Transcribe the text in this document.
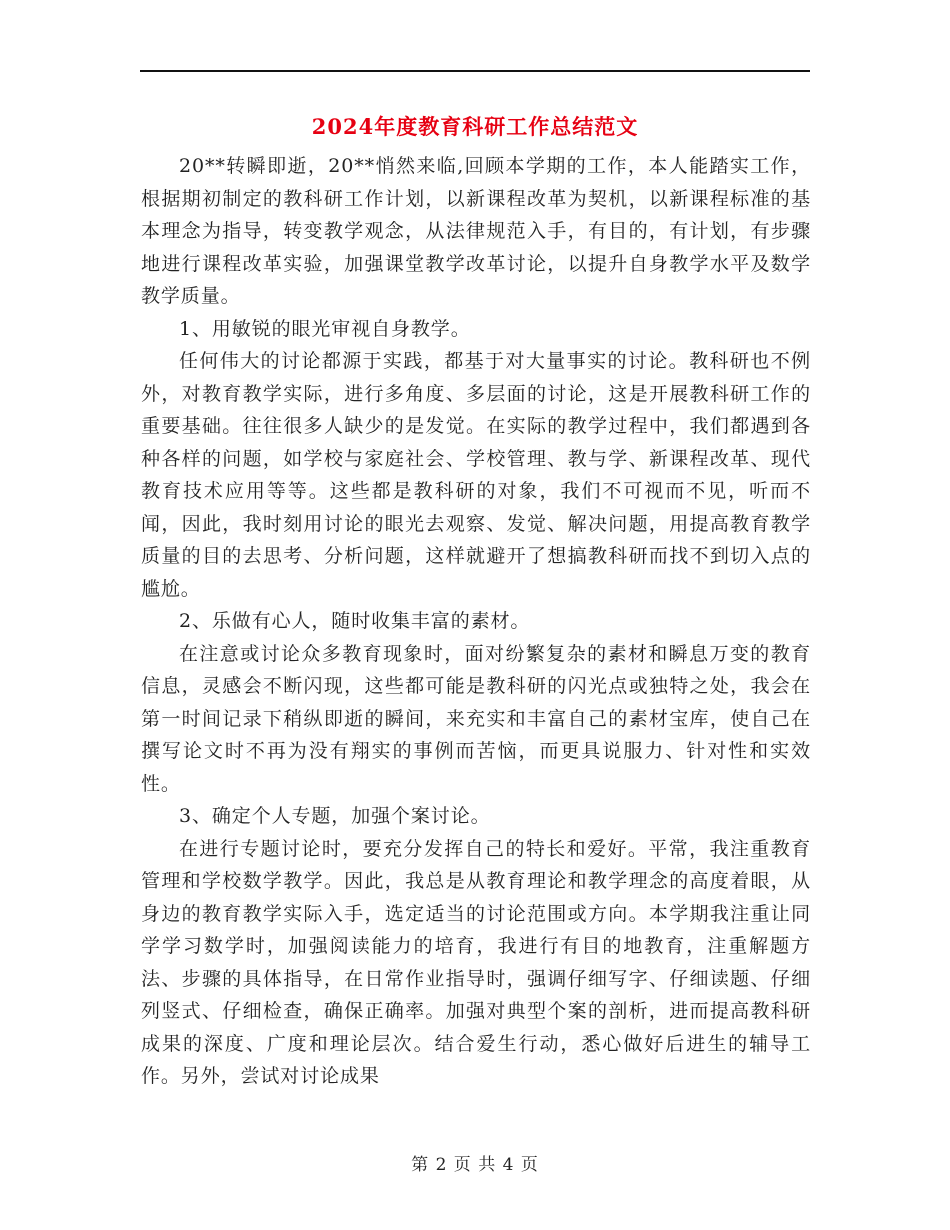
2024年度教育科研工作总结范文

20**转瞬即逝，20**悄然来临,回顾本学期的工作，本人能踏实工作，根据期初制定的教科研工作计划，以新课程改革为契机，以新课程标准的基本理念为指导，转变教学观念，从法律规范入手，有目的，有计划，有步骤地进行课程改革实验，加强课堂教学改革讨论，以提升自身教学水平及数学教学质量。

1、用敏锐的眼光审视自身教学。

任何伟大的讨论都源于实践，都基于对大量事实的讨论。教科研也不例外，对教育教学实际，进行多角度、多层面的讨论，这是开展教科研工作的重要基础。往往很多人缺少的是发觉。在实际的教学过程中，我们都遇到各种各样的问题，如学校与家庭社会、学校管理、教与学、新课程改革、现代教育技术应用等等。这些都是教科研的对象，我们不可视而不见，听而不闻，因此，我时刻用讨论的眼光去观察、发觉、解决问题，用提高教育教学质量的目的去思考、分析问题，这样就避开了想搞教科研而找不到切入点的尴尬。

2、乐做有心人，随时收集丰富的素材。

在注意或讨论众多教育现象时，面对纷繁复杂的素材和瞬息万变的教育信息，灵感会不断闪现，这些都可能是教科研的闪光点或独特之处，我会在第一时间记录下稍纵即逝的瞬间，来充实和丰富自己的素材宝库，使自己在撰写论文时不再为没有翔实的事例而苦恼，而更具说服力、针对性和实效性。

3、确定个人专题，加强个案讨论。

在进行专题讨论时，要充分发挥自己的特长和爱好。平常，我注重教育管理和学校数学教学。因此，我总是从教育理论和教学理念的高度着眼，从身边的教育教学实际入手，选定适当的讨论范围或方向。本学期我注重让同学学习数学时，加强阅读能力的培育，我进行有目的地教育，注重解题方法、步骤的具体指导，在日常作业指导时，强调仔细写字、仔细读题、仔细列竖式、仔细检查，确保正确率。加强对典型个案的剖析，进而提高教科研成果的深度、广度和理论层次。结合爱生行动，悉心做好后进生的辅导工作。另外，尝试对讨论成果

第 2 页 共 4 页
